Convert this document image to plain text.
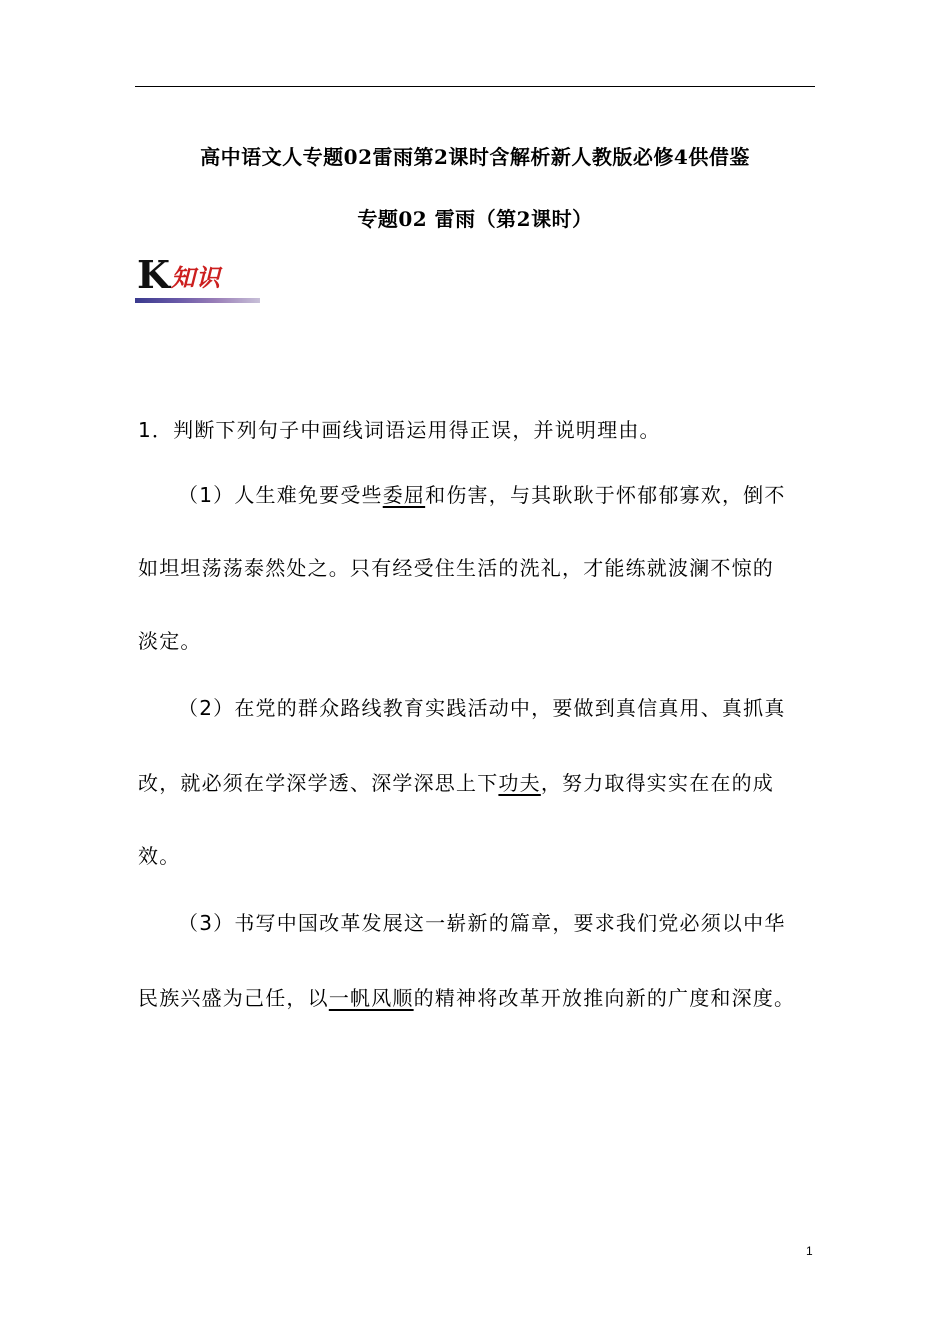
高中语文人专题02雷雨第2课时含解析新人教版必修4供借鉴
专题02 雷雨（第2课时）
K 知识
1．判断下列句子中画线词语运用得正误，并说明理由。
（1）人生难免要受些委屈和伤害，与其耿耿于怀郁郁寡欢，倒不
如坦坦荡荡泰然处之。只有经受住生活的洗礼，才能练就波澜不惊的
淡定。
（2）在党的群众路线教育实践活动中，要做到真信真用、真抓真
改，就必须在学深学透、深学深思上下功夫，努力取得实实在在的成
效。
（3）书写中国改革发展这一崭新的篇章，要求我们党必须以中华
民族兴盛为己任，以一帆风顺的精神将改革开放推向新的广度和深度。
1
